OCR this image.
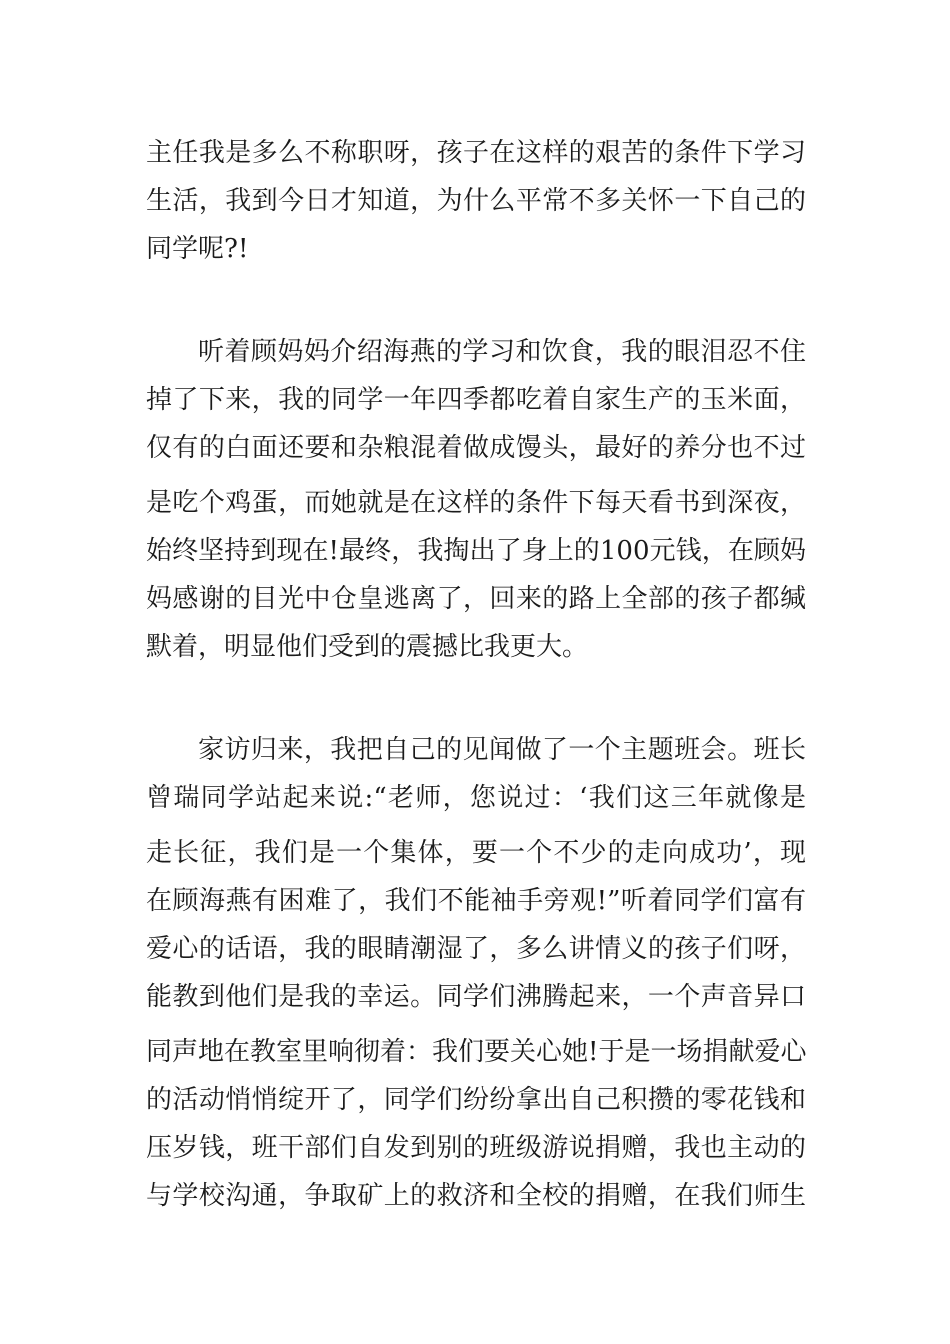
主任我是多么不称职呀，孩子在这样的艰苦的条件下学习
生活，我到今日才知道，为什么平常不多关怀一下自己的
同学呢?!
听着顾妈妈介绍海燕的学习和饮食，我的眼泪忍不住
掉了下来，我的同学一年四季都吃着自家生产的玉米面，
仅有的白面还要和杂粮混着做成馒头，最好的养分也不过
是吃个鸡蛋，而她就是在这样的条件下每天看书到深夜，
始终坚持到现在!最终，我掏出了身上的100元钱，在顾妈
妈感谢的目光中仓皇逃离了，回来的路上全部的孩子都缄
默着，明显他们受到的震撼比我更大。
家访归来，我把自己的见闻做了一个主题班会。班长
曾瑞同学站起来说:“老师，您说过：‘我们这三年就像是
走长征，我们是一个集体，要一个不少的走向成功’，现
在顾海燕有困难了，我们不能袖手旁观!”听着同学们富有
爱心的话语，我的眼睛潮湿了，多么讲情义的孩子们呀，
能教到他们是我的幸运。同学们沸腾起来，一个声音异口
同声地在教室里响彻着：我们要关心她!于是一场捐献爱心
的活动悄悄绽开了，同学们纷纷拿出自己积攒的零花钱和
压岁钱，班干部们自发到别的班级游说捐赠，我也主动的
与学校沟通，争取矿上的救济和全校的捐赠，在我们师生
